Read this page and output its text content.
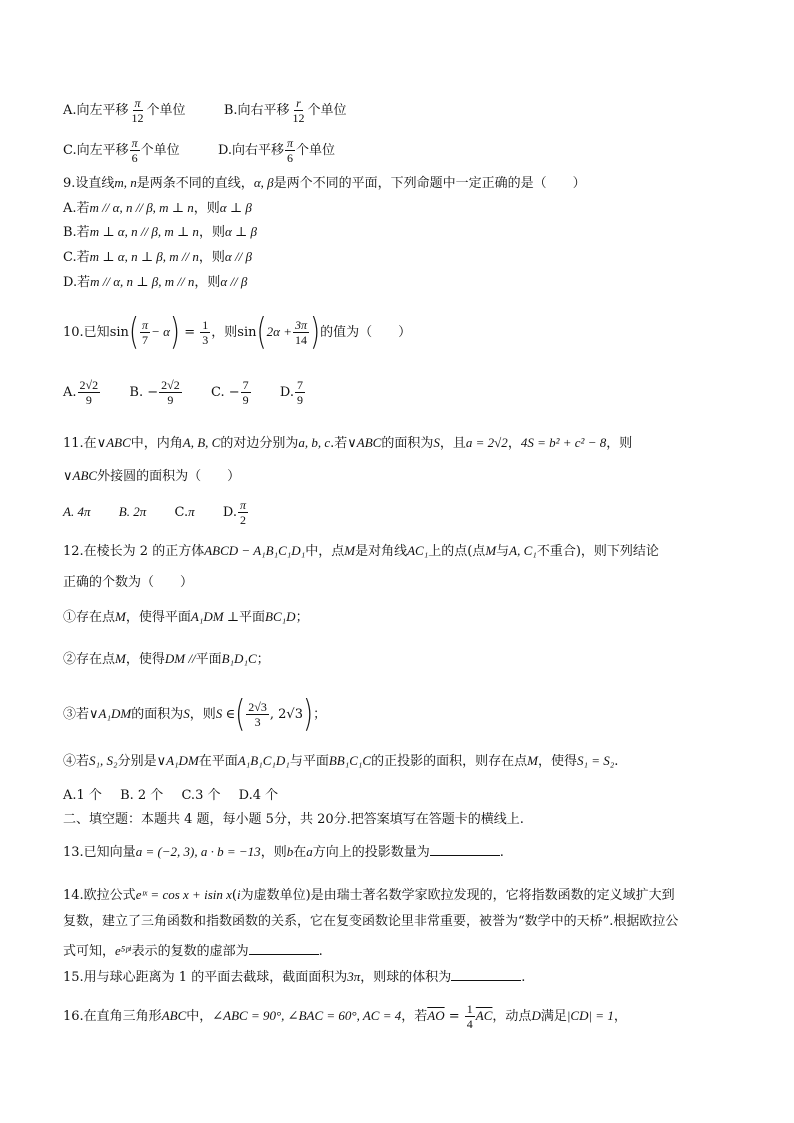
A.向左平移 $\frac{\pi}{12}$ 个单位	B.向右平移 $\frac{r}{12}$ 个单位
C.向左平移 $\frac{\pi}{6}$ 个单位	D.向右平移 $\frac{\pi}{6}$ 个单位
9.设直线m, n是两条不同的直线，α, β是两个不同的平面，下列命题中一定正确的是（　　）
A.若m // α, n // β, m ⊥ n，则α ⊥ β
B.若m ⊥ α, n // β, m ⊥ n，则α ⊥ β
C.若m ⊥ α, n ⊥ β, m // n，则α // β
D.若m // α, n ⊥ β, m // n，则α // β
10.已知$\sin( \frac{\pi}{7} - \alpha) = \frac{1}{3}$ ，则$\sin(2\alpha + \frac{3\pi}{14}$ )的值为（　　）
A. $\frac{2√2}{9} B$. − $\frac{2√2}{9} C$. − $\frac{7}{9} D$. $\frac{7}{9}$
11.在∨ABC中，内角A, B, C的对边分别为a, b, c.若∨ABC的面积为S，且a = 2√2，4S = b² + c² − 8，则
∨ABC外接圆的面积为（　　）
A. 4π B. 2π C.π D. $\frac{\pi}{2}$
12.在棱长为 2 的正方体ABCD − A₁B₁C₁D₁中，点M是对角线AC₁上的点(点M与A, C₁不重合)，则下列结论
正确的个数为（　　）
①存在点M，使得平面A₁DM ⊥平面BC₁D；
②存在点M，使得DM //平面B₁D₁C；
③若∨A₁DM的面积为S，则S ∈( $\frac{2√3}{3}$ , 2√3)；
④若S₁, S₂分别是∨A₁DM在平面A₁B₁C₁D₁与平面BB₁C₁C的正投影的面积，则存在点M，使得S₁ = S₂.
A.1 个 B. 2 个 C.3 个 D.4 个
二、填空题：本题共 4 题，每小题 5分，共 20分.把答案填写在答题卡的横线上.
13.已知向量a = (−2, 3), a · b = −13，则b在a方向上的投影数量为	.
14.欧拉公式eᶦˣ = cos x + isin x(i为虚数单位)是由瑞士著名数学家欧拉发现的，它将指数函数的定义域扩大到
复数，建立了三角函数和指数函数的关系，它在复变函数论里非常重要，被誉为“数学中的天桥”.根据欧拉公
式可知，e⁵ᵖⁱ表示的复数的虚部为	.
15.用与球心距离为 1 的平面去截球，截面面积为3π，则球的体积为	.
16.在直角三角形ABC中，∠ABC = 90°, ∠BAC = 60°, AC = 4，若$\overline{AO} = \frac{1}{4} \overline{AC}$，动点D满足|CD| = 1，
